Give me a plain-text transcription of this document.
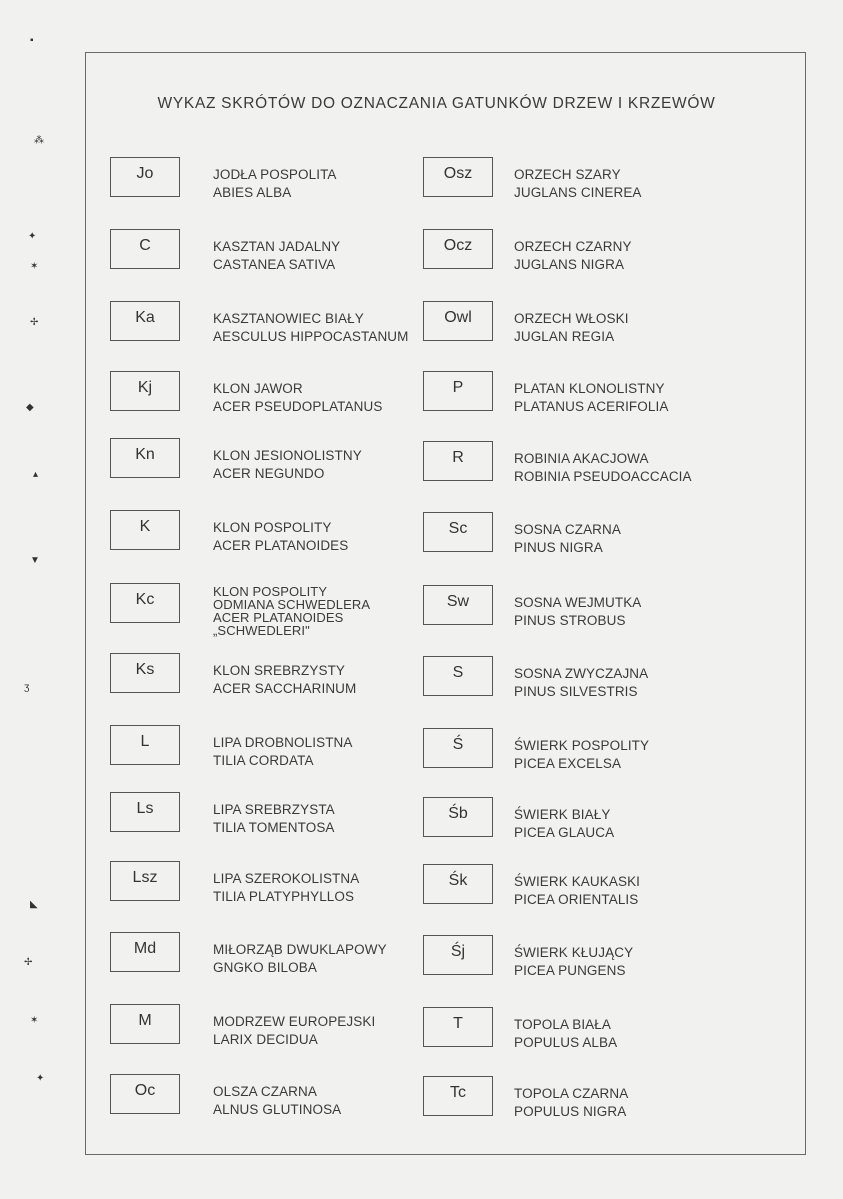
WYKAZ SKRÓTÓW DO OZNACZANIA GATUNKÓW DRZEW I KRZEWÓW
Jo	JODŁA POSPOLITA
ABIES ALBA
C	KASZTAN JADALNY
CASTANEA SATIVA
Ka	KASZTANOWIEC BIAŁY
AESCULUS HIPPOCASTANUM
Kj	KLON JAWOR
ACER PSEUDOPLATANUS
Kn	KLON JESIONOLISTNY
ACER NEGUNDO
K	KLON POSPOLITY
ACER PLATANOIDES
Kc	KLON POSPOLITY
ODMIANA SCHWEDLERA
ACER PLATANOIDES
„SCHWEDLERI"
Ks	KLON SREBRZYSTY
ACER SACCHARINUM
L	LIPA DROBNOLISTNA
TILIA CORDATA
Ls	LIPA SREBRZYSTA
TILIA TOMENTOSA
Lsz	LIPA SZEROKOLISTNA
TILIA PLATYPHYLLOS
Md	MIŁORZĄB DWUKLAPOWY
GNGKO BILOBA
M	MODRZEW EUROPEJSKI
LARIX DECIDUA
Oc	OLSZA CZARNA
ALNUS GLUTINOSA
Osz	ORZECH SZARY
JUGLANS CINEREA
Ocz	ORZECH CZARNY
JUGLANS NIGRA
Owl	ORZECH WŁOSKI
JUGLAN REGIA
P	PLATAN KLONOLISTNY
PLATANUS ACERIFOLIA
R	ROBINIA AKACJOWA
ROBINIA PSEUDOACCACIA
Sc	SOSNA CZARNA
PINUS NIGRA
Sw	SOSNA WEJMUTKA
PINUS STROBUS
S	SOSNA ZWYCZAJNA
PINUS SILVESTRIS
Ś	ŚWIERK POSPOLITY
PICEA EXCELSA
Śb	ŚWIERK BIAŁY
PICEA GLAUCA
Śk	ŚWIERK KAUKASKI
PICEA ORIENTALIS
Śj	ŚWIERK KŁUJĄCY
PICEA PUNGENS
T	TOPOLA BIAŁA
POPULUS ALBA
Tc	TOPOLA CZARNA
POPULUS NIGRA
▪
⁂
✦
✶
✢
◆
▴
▼
ʒ
◣
✢
✶
✦
